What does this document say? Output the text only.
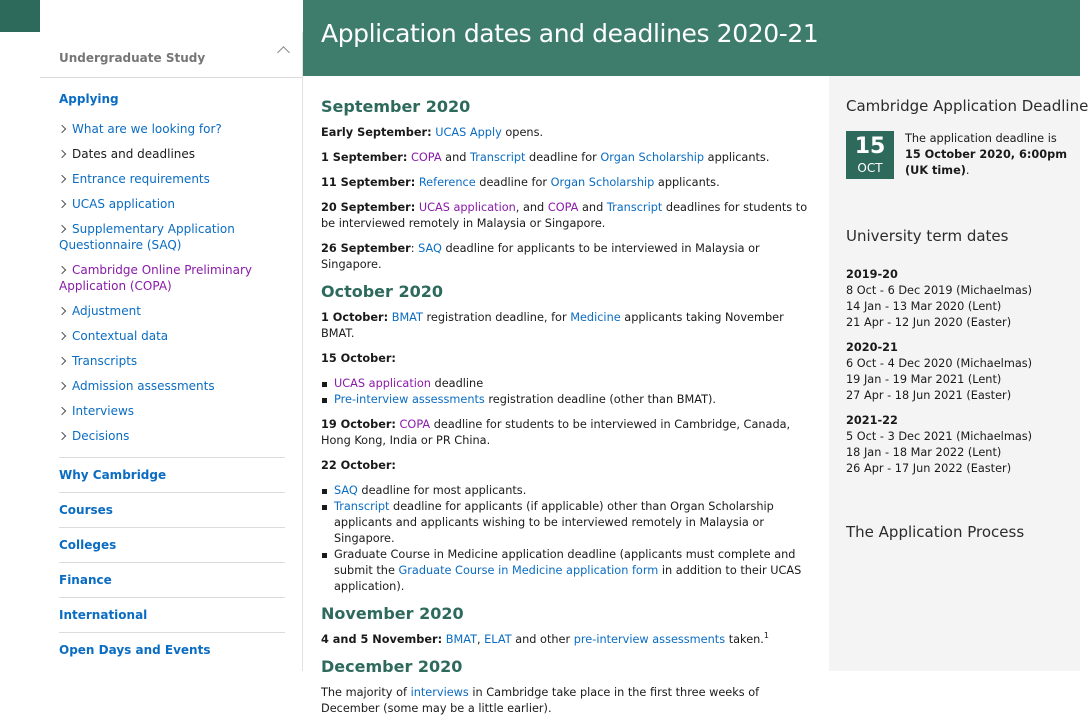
Application dates and deadlines 2020-21
Undergraduate Study
Applying
What are we looking for?
Dates and deadlines
Entrance requirements
UCAS application
Supplementary Application Questionnaire (SAQ)
Cambridge Online Preliminary Application (COPA)
Adjustment
Contextual data
Transcripts
Admission assessments
Interviews
Decisions
Why Cambridge
Courses
Colleges
Finance
International
Open Days and Events
September 2020

Early September: UCAS Apply opens.

1 September: COPA and Transcript deadline for Organ Scholarship applicants.

11 September: Reference deadline for Organ Scholarship applicants.

20 September: UCAS application, and COPA and Transcript deadlines for students to be interviewed remotely in Malaysia or Singapore.

26 September: SAQ deadline for applicants to be interviewed in Malaysia or Singapore.

October 2020

1 October: BMAT registration deadline, for Medicine applicants taking November BMAT.

15 October:

UCAS application deadline
Pre-interview assessments registration deadline (other than BMAT).

19 October: COPA deadline for students to be interviewed in Cambridge, Canada, Hong Kong, India or PR China.

22 October:

SAQ deadline for most applicants.
Transcript deadline for applicants (if applicable) other than Organ Scholarship applicants and applicants wishing to be interviewed remotely in Malaysia or Singapore.
Graduate Course in Medicine application deadline (applicants must complete and submit the Graduate Course in Medicine application form in addition to their UCAS application).
November 2020

4 and 5 November: BMAT, ELAT and other pre-interview assessments taken.$^1$

December 2020

The majority of interviews in Cambridge take place in the first three weeks of December (some may be a little earlier).

Cambridge Application Deadline
15
OCT
The application deadline is 15 October 2020, 6:00pm (UK time).
University term dates
2019-20
8 Oct - 6 Dec 2019 (Michaelmas)
14 Jan - 13 Mar 2020 (Lent)
21 Apr - 12 Jun 2020 (Easter)
2020-21
6 Oct - 4 Dec 2020 (Michaelmas)
19 Jan - 19 Mar 2021 (Lent)
27 Apr - 18 Jun 2021 (Easter)
2021-22
5 Oct - 3 Dec 2021 (Michaelmas)
18 Jan - 18 Mar 2022 (Lent)
26 Apr - 17 Jun 2022 (Easter)
The Application Process
